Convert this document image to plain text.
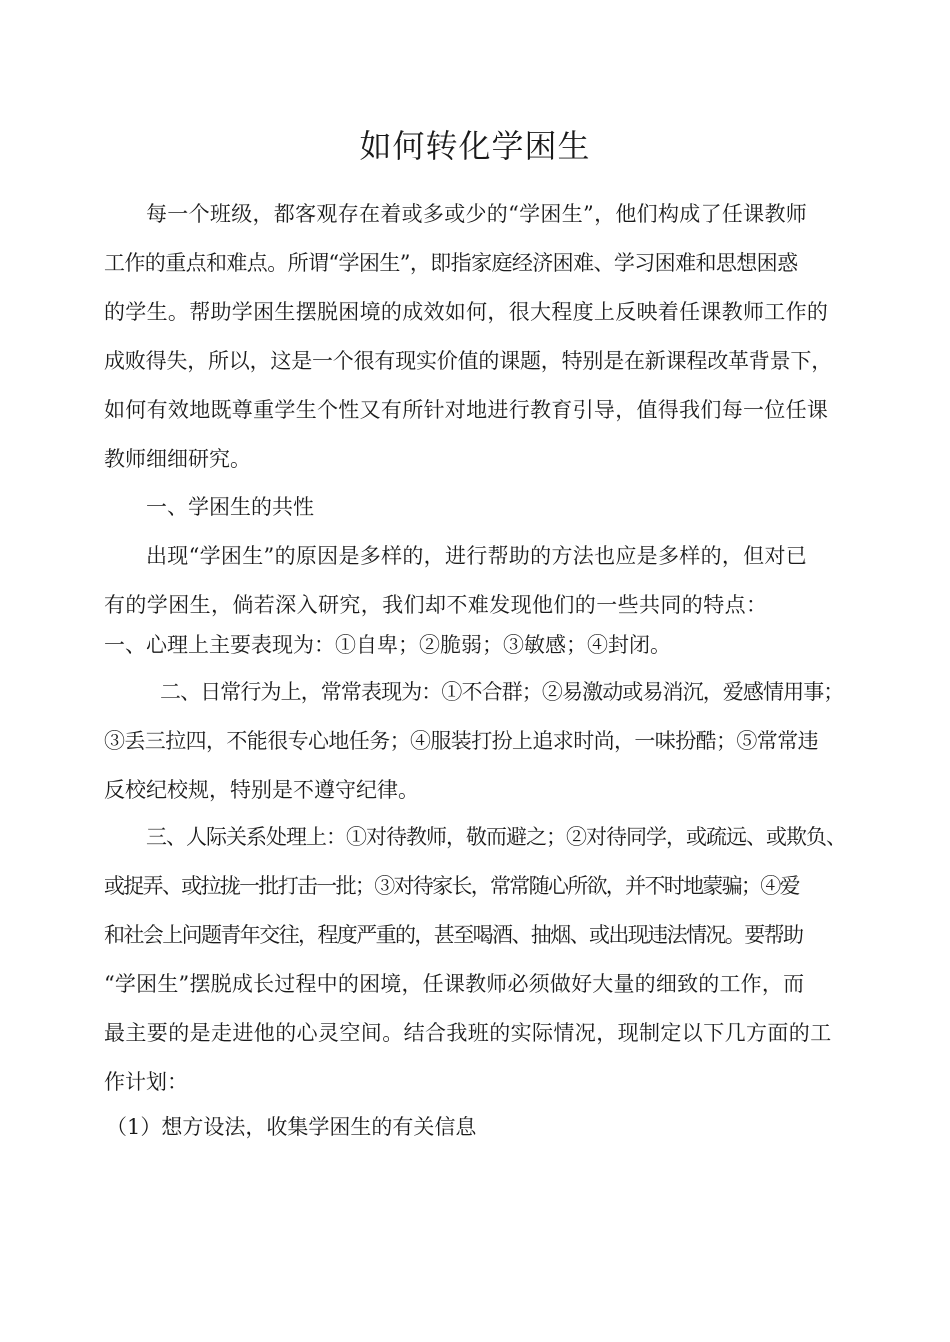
如何转化学困生

每一个班级，都客观存在着或多或少的“学困生”，他们构成了任课教师

工作的重点和难点。所谓“学困生”，即指家庭经济困难、学习困难和思想困惑

的学生。帮助学困生摆脱困境的成效如何，很大程度上反映着任课教师工作的

成败得失，所以，这是一个很有现实价值的课题，特别是在新课程改革背景下，

如何有效地既尊重学生个性又有所针对地进行教育引导，值得我们每一位任课

教师细细研究。

一、学困生的共性

出现“学困生”的原因是多样的，进行帮助的方法也应是多样的，但对已

有的学困生，倘若深入研究，我们却不难发现他们的一些共同的特点：

一、心理上主要表现为：①自卑；②脆弱；③敏感；④封闭。

二、日常行为上，常常表现为：①不合群；②易激动或易消沉，爱感情用事；

③丢三拉四，不能很专心地任务；④服装打扮上追求时尚，一味扮酷；⑤常常违

反校纪校规，特别是不遵守纪律。

三、人际关系处理上：①对待教师，敬而避之；②对待同学，或疏远、或欺负、

或捉弄、或拉拢一批打击一批；③对待家长，常常随心所欲，并不时地蒙骗；④爱

和社会上问题青年交往，程度严重的，甚至喝酒、抽烟、或出现违法情况。要帮助

“学困生”摆脱成长过程中的困境，任课教师必须做好大量的细致的工作，而

最主要的是走进他的心灵空间。结合我班的实际情况，现制定以下几方面的工

作计划：

（1）想方设法，收集学困生的有关信息
